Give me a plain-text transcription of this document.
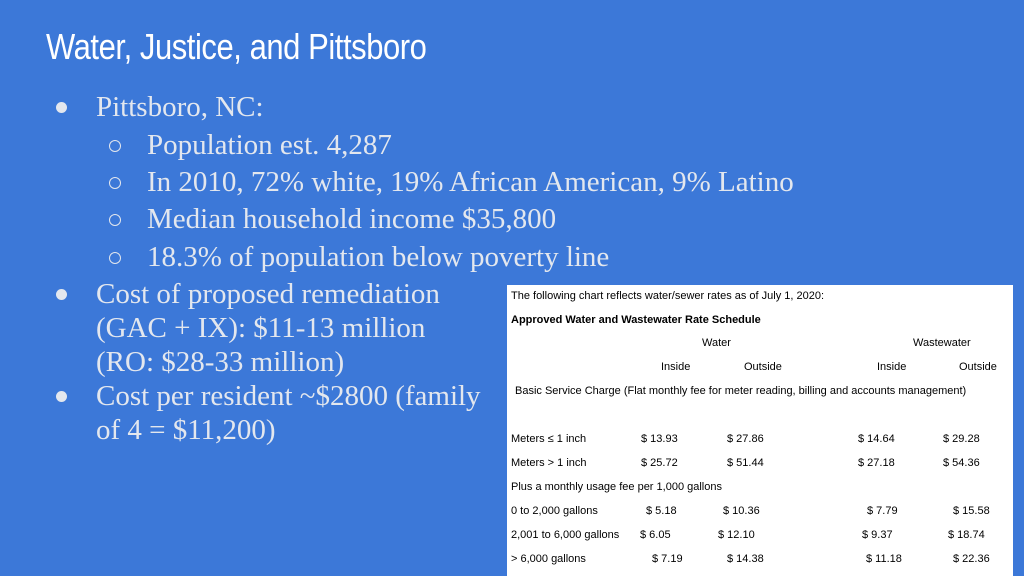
Water, Justice, and Pittsboro
Pittsboro, NC:
Population est. 4,287
In 2010, 72% white, 19% African American, 9% Latino
Median household income $35,800
18.3% of population below poverty line
Cost of proposed remediation
(GAC + IX): $11-13 million
(RO: $28-33 million)
Cost per resident ~$2800 (family
of 4 = $11,200)
The following chart reflects water/sewer rates as of July 1, 2020:
Approved Water and Wastewater Rate Schedule
Water	Wastewater
Inside	Outside	Inside	Outside
Basic Service Charge (Flat monthly fee for meter reading, billing and accounts management)
Meters ≤ 1 inch	$ 13.93	$ 27.86	$ 14.64	$ 29.28
Meters > 1 inch	$ 25.72	$ 51.44	$ 27.18	$ 54.36
Plus a monthly usage fee per 1,000 gallons
0 to 2,000 gallons	$ 5.18	$ 10.36	$ 7.79	$ 15.58
2,001 to 6,000 gallons $ 6.05	$ 12.10	$ 9.37	$ 18.74
> 6,000 gallons	$ 7.19	$ 14.38	$ 11.18	$ 22.36
